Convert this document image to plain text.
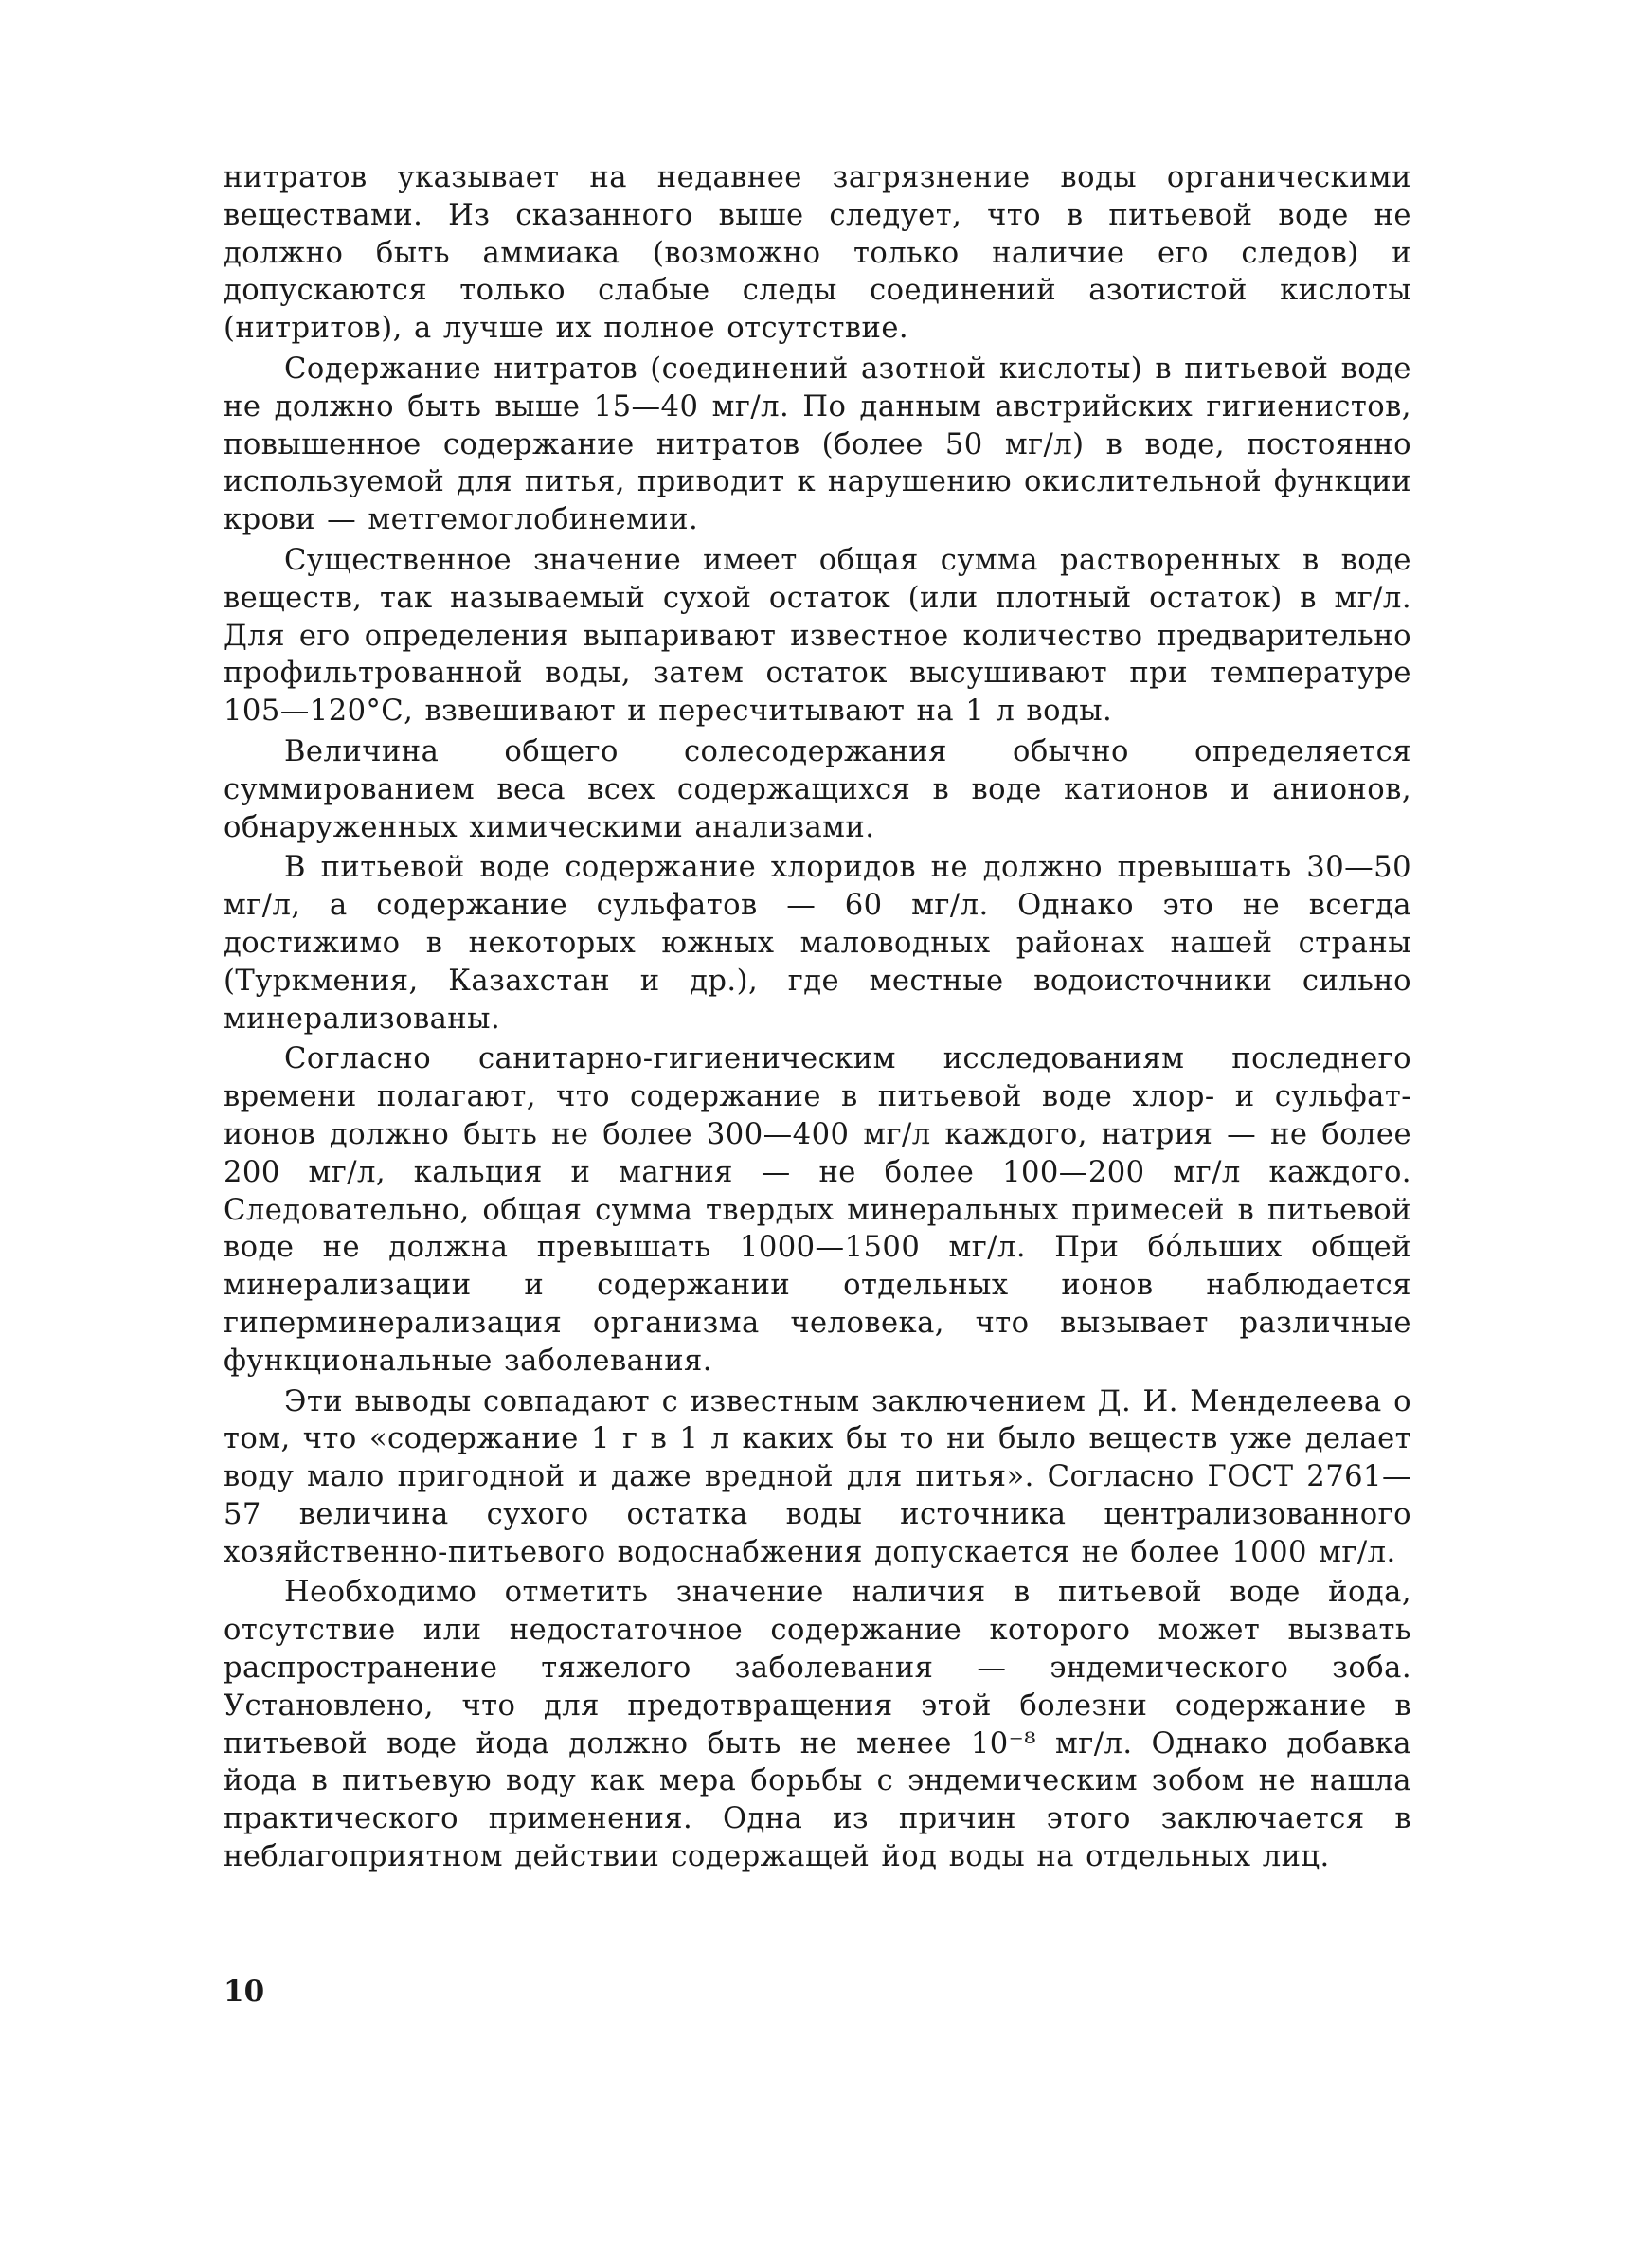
нитратов указывает на недавнее загрязнение воды органическими веществами. Из сказанного выше следует, что в питьевой воде не должно быть аммиака (возможно только наличие его следов) и допускаются только слабые следы соединений азотистой кислоты (нитритов), а лучше их полное отсутствие.

Содержание нитратов (соединений азотной кислоты) в питьевой воде не должно быть выше 15—40 мг/л. По данным австрийских гигиенистов, повышенное содержание нитратов (более 50 мг/л) в воде, постоянно используемой для питья, приводит к нарушению окислительной функции крови — метгемоглобинемии.

Существенное значение имеет общая сумма растворенных в воде веществ, так называемый сухой остаток (или плотный остаток) в мг/л. Для его определения выпаривают известное количество предварительно профильтрованной воды, затем остаток высушивают при температуре 105—120°С, взвешивают и пересчитывают на 1 л воды.

Величина общего солесодержания обычно определяется суммированием веса всех содержащихся в воде катионов и анионов, обнаруженных химическими анализами.

В питьевой воде содержание хлоридов не должно превышать 30—50 мг/л, а содержание сульфатов — 60 мг/л. Однако это не всегда достижимо в некоторых южных маловодных районах нашей страны (Туркмения, Казахстан и др.), где местные водоисточники сильно минерализованы.

Согласно санитарно-гигиеническим исследованиям последнего времени полагают, что содержание в питьевой воде хлор- и сульфат-ионов должно быть не более 300—400 мг/л каждого, натрия — не более 200 мг/л, кальция и магния — не более 100—200 мг/л каждого. Следовательно, общая сумма твердых минеральных примесей в питьевой воде не должна превышать 1000—1500 мг/л. При бо́льших общей минерализации и содержании отдельных ионов наблюдается гиперминерализация организма человека, что вызывает различные функциональные заболевания.

Эти выводы совпадают с известным заключением Д. И. Менделеева о том, что «содержание 1 г в 1 л каких бы то ни было веществ уже делает воду мало пригодной и даже вредной для питья». Согласно ГОСТ 2761—57 величина сухого остатка воды источника централизованного хозяйственно-питьевого водоснабжения допускается не более 1000 мг/л.

Необходимо отметить значение наличия в питьевой воде йода, отсутствие или недостаточное содержание которого может вызвать распространение тяжелого заболевания — эндемического зоба. Установлено, что для предотвращения этой болезни содержание в питьевой воде йода должно быть не менее 10⁻⁸ мг/л. Однако добавка йода в питьевую воду как мера борьбы с эндемическим зобом не нашла практического применения. Одна из причин этого заключается в неблагоприятном действии содержащей йод воды на отдельных лиц.

10
